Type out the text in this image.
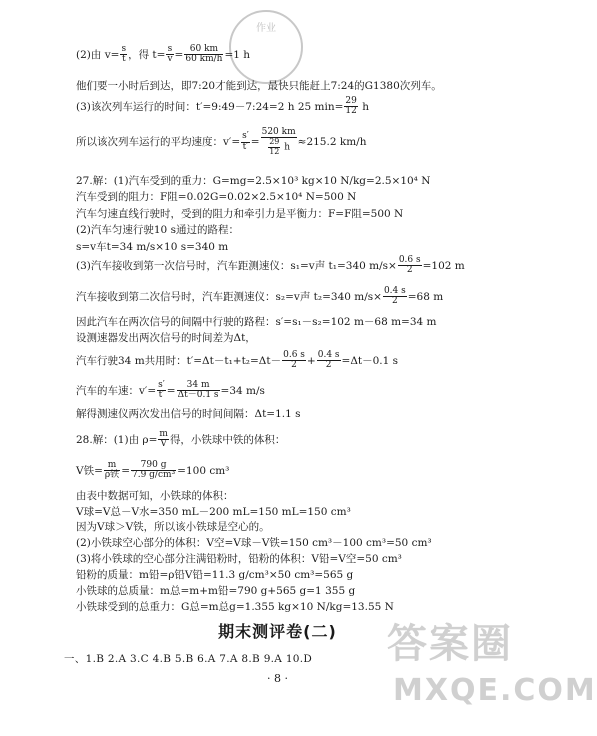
作业
(2)由 $v= \frac{s}{t}$ ，得 $t= \frac{s}{v} = \frac{60 km}{60 km/h} =1$ h
他们要一小时后到达，即7:20才能到达，最快只能赶上7:24的G1380次列车。
(3)该次列车运行的时间：t′=9:49－7:24=2 h 25 $\min= \frac{29}{12}$ h
所以该次列车运行的平均速度：$v'= \frac{s'}{t'} = \frac{520 km}{\frac{29}{12} h} \approx 215.2$ km/h
27.解：(1)汽车受到的重力：G=mg=2.5×10³ kg×10 N/kg=2.5×10⁴ N
汽车受到的阻力：F阻=0.02G=0.02×2.5×10⁴ N=500 N
汽车匀速直线行驶时，受到的阻力和牵引力是平衡力：F=F阻=500 N
(2)汽车匀速行驶10 s通过的路程：
s=v车t=34 m/s×10 s=340 m
(3)汽车接收到第一次信号时，汽车距测速仪：s₁=v声 t₁=340 $m/s\times \frac{0.6 s}{2} =102$ m
汽车接收到第二次信号时，汽车距测速仪：s₂=v声 t₂=340 $m/s\times \frac{0.4 s}{2} =68$ m
因此汽车在两次信号的间隔中行驶的路程：s′=s₁－s₂=102 m－68 m=34 m
设测速器发出两次信号的时间差为Δt，
汽车行驶34 m共用时：$t'=\Delta t-t_1+t_2=\Delta t- \frac{0.6 s}{2} + \frac{0.4 s}{2} =\Delta t-0.1$ s
汽车的车速：$v'= \frac{s'}{t'} = \frac{34 m}{\Delta t-0.1 s} =34$ m/s
解得测速仪两次发出信号的时间间隔：Δt=1.1 s
28.解：(1)由 $\rho= \frac{m}{V}$ 得，小铁球中铁的体积：
V铁= $\frac{m}{\text{ρ铁}} = \frac{790 g}{\text{7.9 g/cm³}} =100$ cm³
由表中数据可知，小铁球的体积：
V球=V总－V水=350 mL－200 mL=150 mL=150 cm³
因为V球＞V铁，所以该小铁球是空心的。
(2)小铁球空心部分的体积：V空=V球－V铁=150 cm³－100 cm³=50 cm³
(3)将小铁球的空心部分注满铅粉时，铅粉的体积：V铅=V空=50 cm³
铅粉的质量：m铅=ρ铅V铅=11.3 g/cm³×50 cm³=565 g
小铁球的总质量：m总=m+m铅=790 g+565 g=1 355 g
小铁球受到的总重力：G总=m总g=1.355 kg×10 N/kg=13.55 N
期末测评卷(二)
一、1.B 2.A 3.C 4.B 5.B 6.A 7.A 8.B 9.A 10.D
· 8 ·
答案圈
MXQE.COM
